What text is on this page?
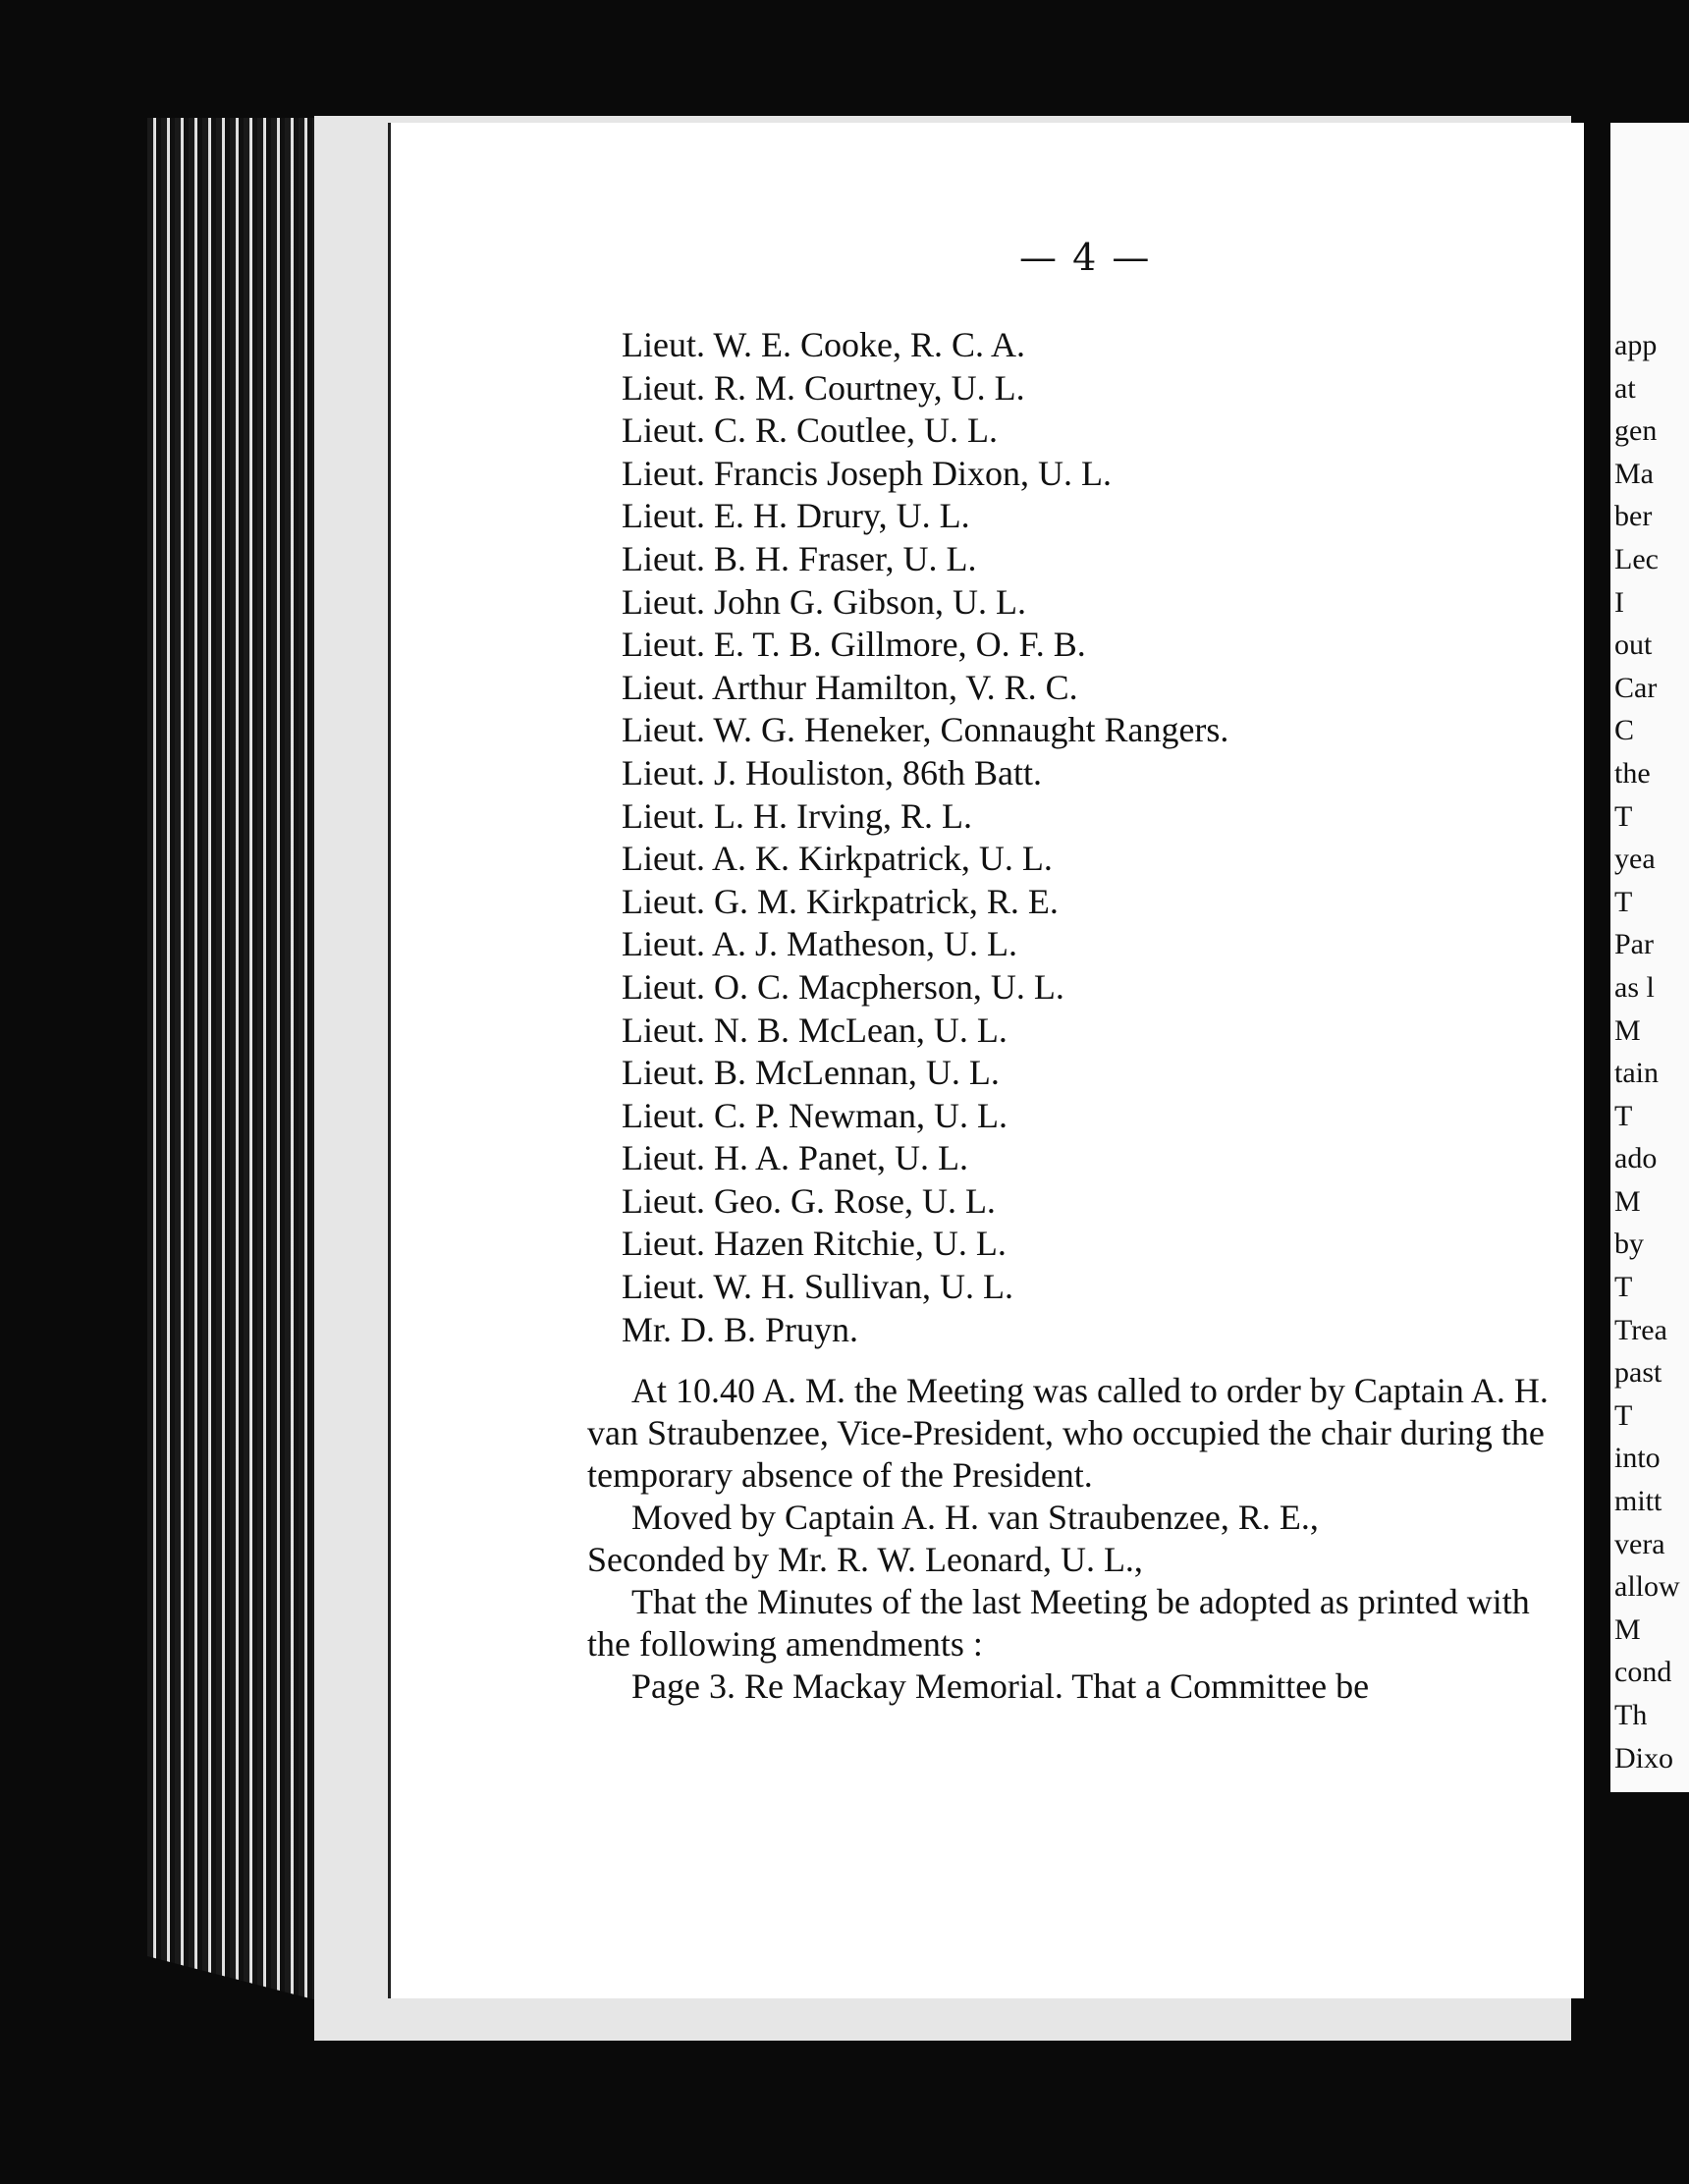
— 4 —
Lieut. W. E. Cooke, R. C. A.
Lieut. R. M. Courtney, U. L.
Lieut. C. R. Coutlee, U. L.
Lieut. Francis Joseph Dixon, U. L.
Lieut. E. H. Drury, U. L.
Lieut. B. H. Fraser, U. L.
Lieut. John G. Gibson, U. L.
Lieut. E. T. B. Gillmore, O. F. B.
Lieut. Arthur Hamilton, V. R. C.
Lieut. W. G. Heneker, Connaught Rangers.
Lieut. J. Houliston, 86th Batt.
Lieut. L. H. Irving, R. L.
Lieut. A. K. Kirkpatrick, U. L.
Lieut. G. M. Kirkpatrick, R. E.
Lieut. A. J. Matheson, U. L.
Lieut. O. C. Macpherson, U. L.
Lieut. N. B. McLean, U. L.
Lieut. B. McLennan, U. L.
Lieut. C. P. Newman, U. L.
Lieut. H. A. Panet, U. L.
Lieut. Geo. G. Rose, U. L.
Lieut. Hazen Ritchie, U. L.
Lieut. W. H. Sullivan, U. L.
Mr. D. B. Pruyn.

At 10.40 A. M. the Meeting was called to order by Captain A. H. van Straubenzee, Vice-President, who occupied the chair during the temporary absence of the President.

Moved by Captain A. H. van Straubenzee, R. E.,

Seconded by Mr. R. W. Leonard, U. L.,

That the Minutes of the last Meeting be adopted as printed with the following amendments :

Page 3. Re Mackay Memorial. That a Committee be

app
at
gen
Ma
ber
Lec
I
out
Car
C
the
T
yea
T
Par
as l
M
tain
T
ado
M
by
T
Trea
past
T
into
mitt
vera
allow
M
cond
Th
Dixo
